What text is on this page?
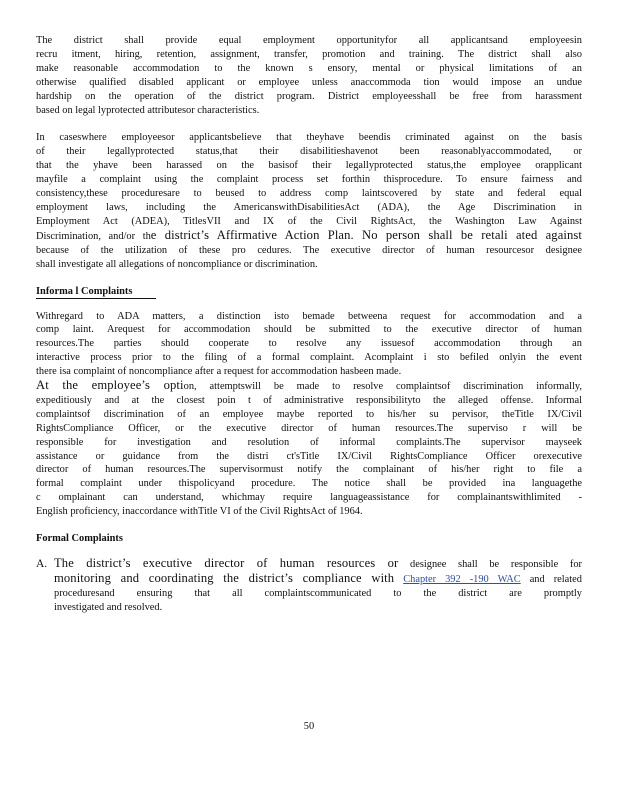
The district shall provide equal employment opportunityfor all applicantsand employeesin

recru itment, hiring, retention, assignment, transfer, promotion and training. The district shall also

make reasonable accommodation to the known s ensory, mental or physical limitations of an

otherwise qualified disabled applicant or employee unless anaccommoda tion would impose an undue

hardship on the operation of the district program. District employeesshall be free from harassment

based on legal lyprotected attributesor characteristics.

In caseswhere employeesor applicantsbelieve that theyhave beendis criminated against on the basis

of their legallyprotected status,that their disabilitieshavenot been reasonablyaccommodated, or

that the yhave been harassed on the basisof their legallyprotected status,the employee orapplicant

mayfile a complaint using the complaint process set forthin thisprocedure. To ensure fairness and

consistency,these proceduresare to beused to address comp laintscovered by state and federal equal

employment laws, including the AmericanswithDisabilitiesAct (ADA), the Age Discrimination in

Employment Act (ADEA), TitlesVII and IX of the Civil RightsAct, the Washington Law Against

Discrimination, and/or the district’s Affirmative Action Plan. No person shall be retali ated against

because of the utilization of these pro cedures. The executive director of human resourcesor designee

shall investigate all allegations of noncompliance or discrimination.

Informa l Complaints

Withregard to ADA matters, a distinction isto bemade betweena request for accommodation and a

comp laint. Arequest for accommodation should be submitted to the executive director of human

resources.The parties should cooperate to resolve any issuesof accommodation through an

interactive process prior to the filing of a formal complaint. Acomplaint i sto befiled onlyin the event

there isa complaint of noncompliance after a request for accommodation hasbeen made.

At the employee’s option, attemptswill be made to resolve complaintsof discrimination informally,

expeditiously and at the closest poin t of administrative responsibilityto the alleged offense. Informal

complaintsof discrimination of an employee maybe reported to his/her su pervisor, theTitle IX/Civil

RightsCompliance Officer, or the executive director of human resources.The superviso r will be

responsible for investigation and resolution of informal complaints.The supervisor mayseek

assistance or guidance from the distri ct'sTitle IX/Civil RightsCompliance Officer orexecutive

director of human resources.The supervisormust notify the complainant of his/her right to file a

formal complaint under thispolicyand procedure. The notice shall be provided ina languagethe

c omplainant can understand, whichmay require languageassistance for complainantswithlimited -

English proficiency, inaccordance withTitle VI of the Civil RightsAct of 1964.

Formal Complaints
A. The district’s executive director of human resources or designee shall be responsible for

monitoring and coordinating the district’s compliance with Chapter 392 -190 WAC and related

proceduresand ensuring that all complaintscommunicated to the district are promptly

investigated and resolved.

50
